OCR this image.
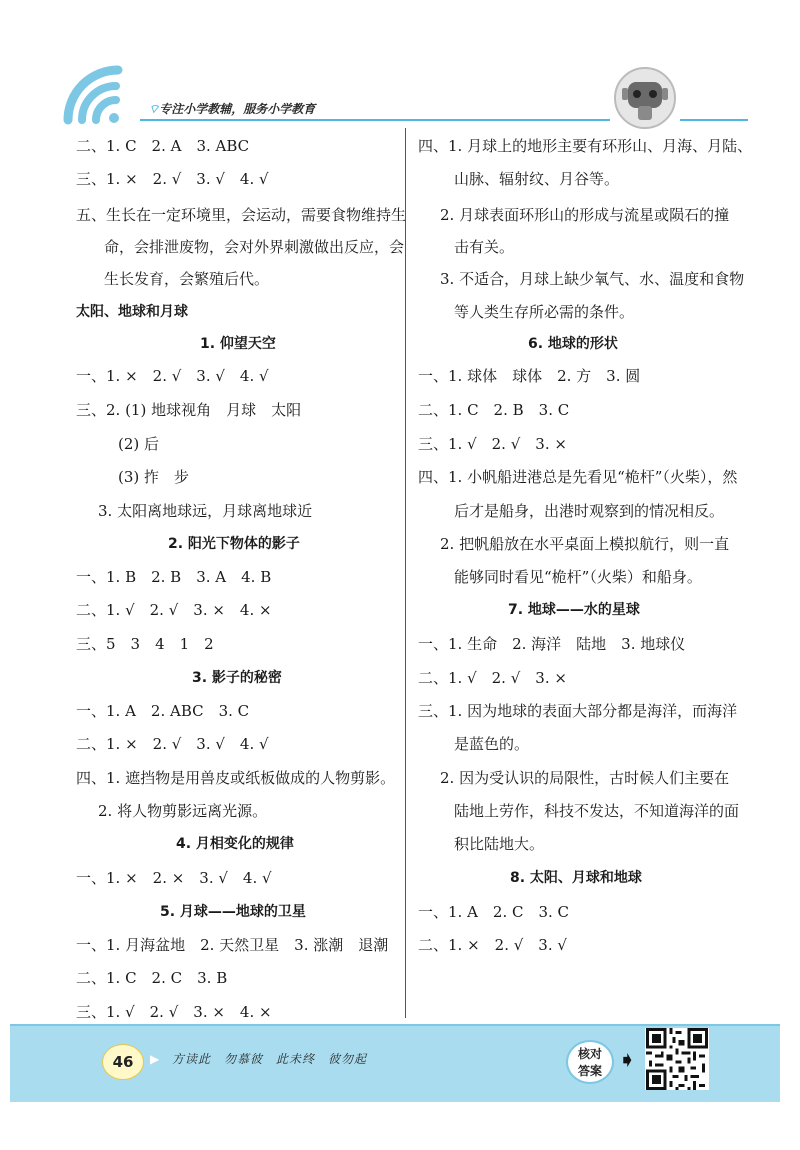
⌔专注小学教辅，服务小学教育
二、1. C　2. A　3. ABC
三、1. ×　2. √　3. √　4. √
五、生长在一定环境里，会运动，需要食物维持生
命，会排泄废物，会对外界刺激做出反应，会
生长发育，会繁殖后代。
太阳、地球和月球
1. 仰望天空
一、1. ×　2. √　3. √　4. √
三、2. (1) 地球视角　月球　太阳
(2) 后
(3) 拃　步
3. 太阳离地球远，月球离地球近
2. 阳光下物体的影子
一、1. B　2. B　3. A　4. B
二、1. √　2. √　3. ×　4. ×
三、5　3　4　1　2
3. 影子的秘密
一、1. A　2. ABC　3. C
二、1. ×　2. √　3. √　4. √
四、1. 遮挡物是用兽皮或纸板做成的人物剪影。
2. 将人物剪影远离光源。
4. 月相变化的规律
一、1. ×　2. ×　3. √　4. √
5. 月球——地球的卫星
一、1. 月海盆地　2. 天然卫星　3. 涨潮　退潮
二、1. C　2. C　3. B
三、1. √　2. √　3. ×　4. ×
四、1. 月球上的地形主要有环形山、月海、月陆、
山脉、辐射纹、月谷等。
2. 月球表面环形山的形成与流星或陨石的撞
击有关。
3. 不适合，月球上缺少氧气、水、温度和食物
等人类生存所必需的条件。
6. 地球的形状
一、1. 球体　球体　2. 方　3. 圆
二、1. C　2. B　3. C
三、1. √　2. √　3. ×
四、1. 小帆船进港总是先看见“桅杆”（火柴），然
后才是船身，出港时观察到的情况相反。
2. 把帆船放在水平桌面上模拟航行，则一直
能够同时看见“桅杆”（火柴）和船身。
7. 地球——水的星球
一、1. 生命　2. 海洋　陆地　3. 地球仪
二、1. √　2. √　3. ×
三、1. 因为地球的表面大部分都是海洋，而海洋
是蓝色的。
2. 因为受认识的局限性，古时候人们主要在
陆地上劳作，科技不发达，不知道海洋的面
积比陆地大。
8. 太阳、月球和地球
一、1. A　2. C　3. C
二、1. ×　2. √　3. √
46	▶ 方读此　勿慕彼　此未终　彼勿起	核对
答案 ➧
